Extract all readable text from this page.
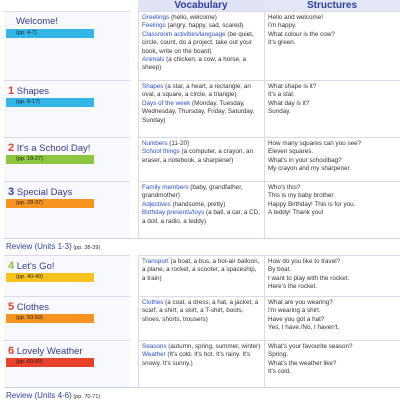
Vocabulary	Structures
Welcome!
(pp. 4-7)
Greetings (hello, welcome)
Feelings (angry, happy, sad, scared)
Classroom activities/language (be quiet, circle, count, do a project, take out your book, write on the board)
Animals (a chicken, a cow, a horse, a sheep)

Hello and welcome!
I'm happy.
What colour is the cow?
It's green.
1 Shapes
(pp. 8-17)
Shapes (a star, a heart, a rectangle, an oval, a square, a circle, a triangle)
Days of the week (Monday, Tuesday, Wednesday, Thursday, Friday, Saturday, Sunday)

What shape is it?
It's a star.
What day is it?
Sunday.
2 It's a School Day!
(pp. 18-27)
Numbers (11-20)
School things (a computer, a crayon, an eraser, a notebook, a sharpener)

How many squares can you see?
Eleven squares.
What's in your schoolbag?
My crayon and my sharpener.
3 Special Days
(pp. 28-37)
Family members (baby, grandfather, grandmother)
Adjectives (handsome, pretty)
Birthday presents/toys (a ball, a car, a CD, a doll, a radio, a teddy)

Who's this?
This is my baby brother.
Happy Birthday! This is for you.
A teddy! Thank you!
Review (Units 1-3) (pp. 38-39)
4 Let's Go!
(pp. 40-49)
Transport (a boat, a bus, a hot-air balloon, a plane, a rocket, a scooter, a spaceship, a train)

How do you like to travel?
By boat.
I want to play with the rocket.
Here's the rocket.
5 Clothes
(pp. 50-59)
Clothes (a coat, a dress, a hat, a jacket, a scarf, a shirt, a skirt, a T-shirt, boots, shoes, shorts, trousers)

What are you wearing?
I'm wearing a shirt.
Have you got a hat?
Yes, I have./No, I haven't.
6 Lovely Weather
(pp. 60-69)
Seasons (autumn, spring, summer, winter)
Weather (It's cold. It's hot. It's rainy. It's snowy. It's sunny.)

What's your favourite season?
Spring.
What's the weather like?
It's cold.
Review (Units 4-6) (pp. 70-71)
